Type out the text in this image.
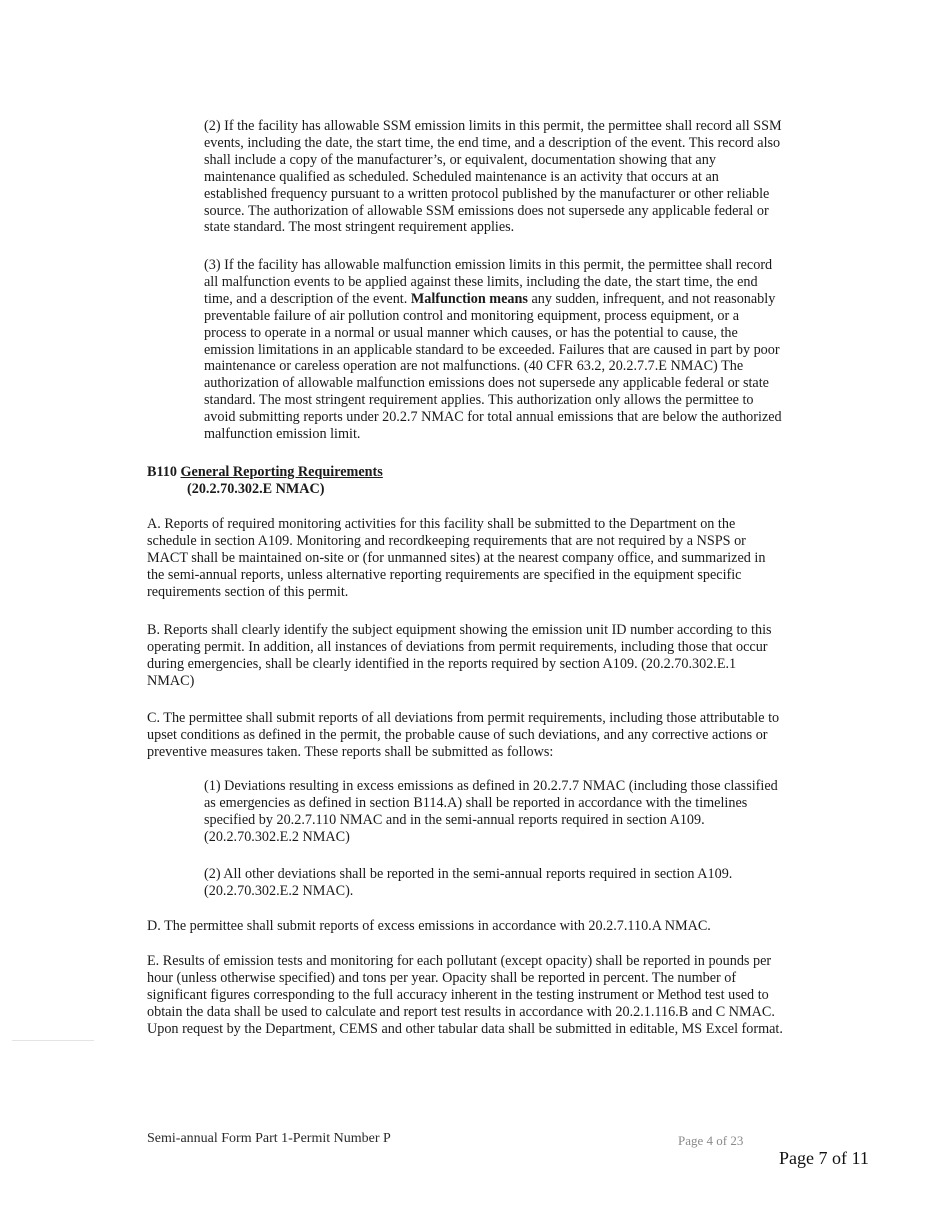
(2) If the facility has allowable SSM emission limits in this permit, the permittee shall record all SSM events, including the date, the start time, the end time, and a description of the event. This record also shall include a copy of the manufacturer’s, or equivalent, documentation showing that any maintenance qualified as scheduled. Scheduled maintenance is an activity that occurs at an established frequency pursuant to a written protocol published by the manufacturer or other reliable source. The authorization of allowable SSM emissions does not supersede any applicable federal or state standard. The most stringent requirement applies.

(3) If the facility has allowable malfunction emission limits in this permit, the permittee shall record all malfunction events to be applied against these limits, including the date, the start time, the end time, and a description of the event. Malfunction means any sudden, infrequent, and not reasonably preventable failure of air pollution control and monitoring equipment, process equipment, or a process to operate in a normal or usual manner which causes, or has the potential to cause, the emission limitations in an applicable standard to be exceeded. Failures that are caused in part by poor maintenance or careless operation are not malfunctions. (40 CFR 63.2, 20.2.7.7.E NMAC) The authorization of allowable malfunction emissions does not supersede any applicable federal or state standard. The most stringent requirement applies. This authorization only allows the permittee to avoid submitting reports under 20.2.7 NMAC for total annual emissions that are below the authorized malfunction emission limit.

B110 General Reporting Requirements
(20.2.70.302.E NMAC)

A. Reports of required monitoring activities for this facility shall be submitted to the Department on the schedule in section A109. Monitoring and recordkeeping requirements that are not required by a NSPS or MACT shall be maintained on-site or (for unmanned sites) at the nearest company office, and summarized in the semi-annual reports, unless alternative reporting requirements are specified in the equipment specific requirements section of this permit.

B. Reports shall clearly identify the subject equipment showing the emission unit ID number according to this operating permit. In addition, all instances of deviations from permit requirements, including those that occur during emergencies, shall be clearly identified in the reports required by section A109. (20.2.70.302.E.1 NMAC)

C. The permittee shall submit reports of all deviations from permit requirements, including those attributable to upset conditions as defined in the permit, the probable cause of such deviations, and any corrective actions or preventive measures taken. These reports shall be submitted as follows:

(1) Deviations resulting in excess emissions as defined in 20.2.7.7 NMAC (including those classified as emergencies as defined in section B114.A) shall be reported in accordance with the timelines specified by 20.2.7.110 NMAC and in the semi-annual reports required in section A109. (20.2.70.302.E.2 NMAC)

(2) All other deviations shall be reported in the semi-annual reports required in section A109. (20.2.70.302.E.2 NMAC).

D. The permittee shall submit reports of excess emissions in accordance with 20.2.7.110.A NMAC.

E. Results of emission tests and monitoring for each pollutant (except opacity) shall be reported in pounds per hour (unless otherwise specified) and tons per year. Opacity shall be reported in percent. The number of significant figures corresponding to the full accuracy inherent in the testing instrument or Method test used to obtain the data shall be used to calculate and report test results in accordance with 20.2.1.116.B and C NMAC. Upon request by the Department, CEMS and other tabular data shall be submitted in editable, MS Excel format.

Semi-annual Form Part 1-Permit Number P	Page 4 of 23
Page 7 of 11
